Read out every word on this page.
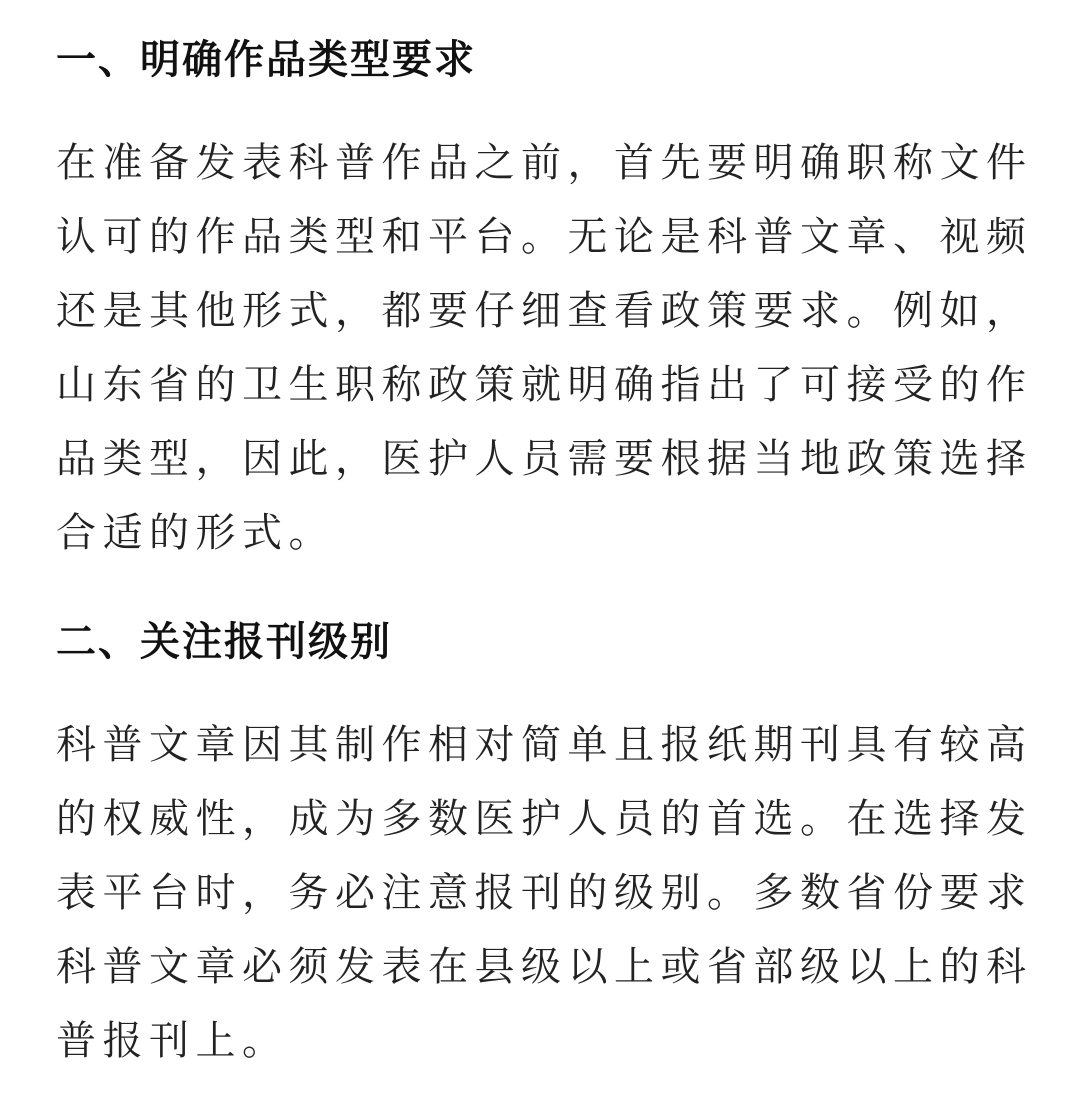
一、明确作品类型要求

在准备发表科普作品之前，首先要明确职称文件
认可的作品类型和平台。无论是科普文章、视频
还是其他形式，都要仔细查看政策要求。例如，
山东省的卫生职称政策就明确指出了可接受的作
品类型，因此，医护人员需要根据当地政策选择
合适的形式。

二、关注报刊级别

科普文章因其制作相对简单且报纸期刊具有较高
的权威性，成为多数医护人员的首选。在选择发
表平台时，务必注意报刊的级别。多数省份要求
科普文章必须发表在县级以上或省部级以上的科
普报刊上。
